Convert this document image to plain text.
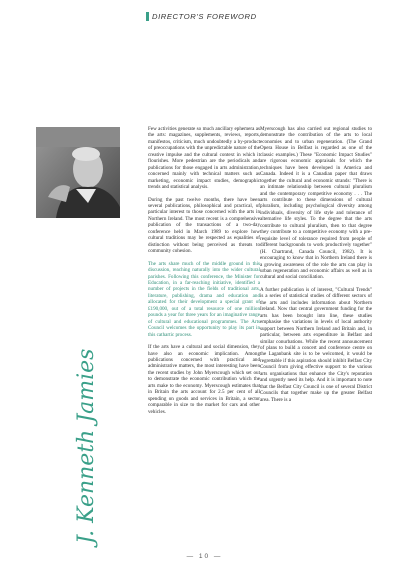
DIRECTOR'S FOREWORD
J. Kenneth Jamieson

Few activities generate so much ancillary ephemera as the arts: magazines, supplements, reviews, reports, manifestos, criticism, much undoubtedly a by-product of preoccupations with the unpredictable nature of the creative impulse and the cultural context in which it flourishes. More pedestrian are the periodicals and publications for those engaged in arts administration, concerned mainly with technical matters such as marketing, economic impact studies, demographic trends and statistical analysis.

During the past twelve months, there have been several publications, philosophical and practical, of particular interest to those concerned with the arts in Northern Ireland. The most recent is a comprehensive publication of the transactions of a two-day conference held in March 1989 to explore how cultural traditions may be respected as equalities of distinction without being perceived as threats to community cohesion.

The arts share much of the middle ground in this discussion, reaching naturally into the wider cultural parishes. Following this conference, the Minister for Education, in a far-reaching initiative, identified a number of projects in the fields of traditional arts, literature, publishing, drama and education and allocated for their development a special grant of £190,000, out of a total resource of one million pounds a year for three years for an imaginative range of cultural and educational programmes. The Arts Council welcomes the opportunity to play its part in this cathartic process.

If the arts have a cultural and social dimension, they have also an economic implication. Among publications concerned with practical and administrative matters, the most interesting have been the recent studies by John Myerscough which set out to demonstrate the economic contribution which the arts make to the economy. Myerscough estimates that in Britain the arts account for 2.5 per cent of all spending on goods and services in Britain, a sector comparable in size to the market for cars and other vehicles.

Myerscough has also carried out regional studies to demonstrate the contribution of the arts to local economies and to urban regeneration. (The Grand Opera House in Belfast is regarded as one of the classic examples.) These "Economic Impact Studies" are rigorous economic appraisals for which the techniques have been developed in America and Canada. Indeed it is a Canadian paper that draws together the cultural and economic strands: "There is an intimate relationship between cultural pluralism and the contemporary competitive economy . . . The arts contribute to these dimensions of cultural pluralism, including psychological diversity among individuals, diversity of life style and tolerance of alternative life styles. To the degree that the arts contribute to cultural pluralism, then to that degree they contribute to a competitive economy with a pre-requisite level of tolerance required from people of different backgrounds to work productively together" (H. Chartrand, Canada Council, 1982). It is encouraging to know that in Northern Ireland there is a growing awareness of the role the arts can play in urban regeneration and economic affairs as well as in cultural and social conciliation.

A further publication is of interest, "Cultural Trends" is a series of statistical studies of different sectors of the arts and includes information about Northern Ireland. Now that central government funding for the arts has been brought into line, these studies emphasise the variations in levels of local authority support between Northern Ireland and Britain and, in particular, between arts expenditure in Belfast and similar conurbations. While the recent announcement of plans to build a concert and conference centre on the Laganbank site is to be welcomed, it would be regrettable if this aspiration should inhibit Belfast City Council from giving effective support to the various arts organisations that enhance the City's reputation and urgently need its help. And it is important to note that the Belfast City Council is one of several District Councils that together make up the greater Belfast area. There is a

— 10 —
